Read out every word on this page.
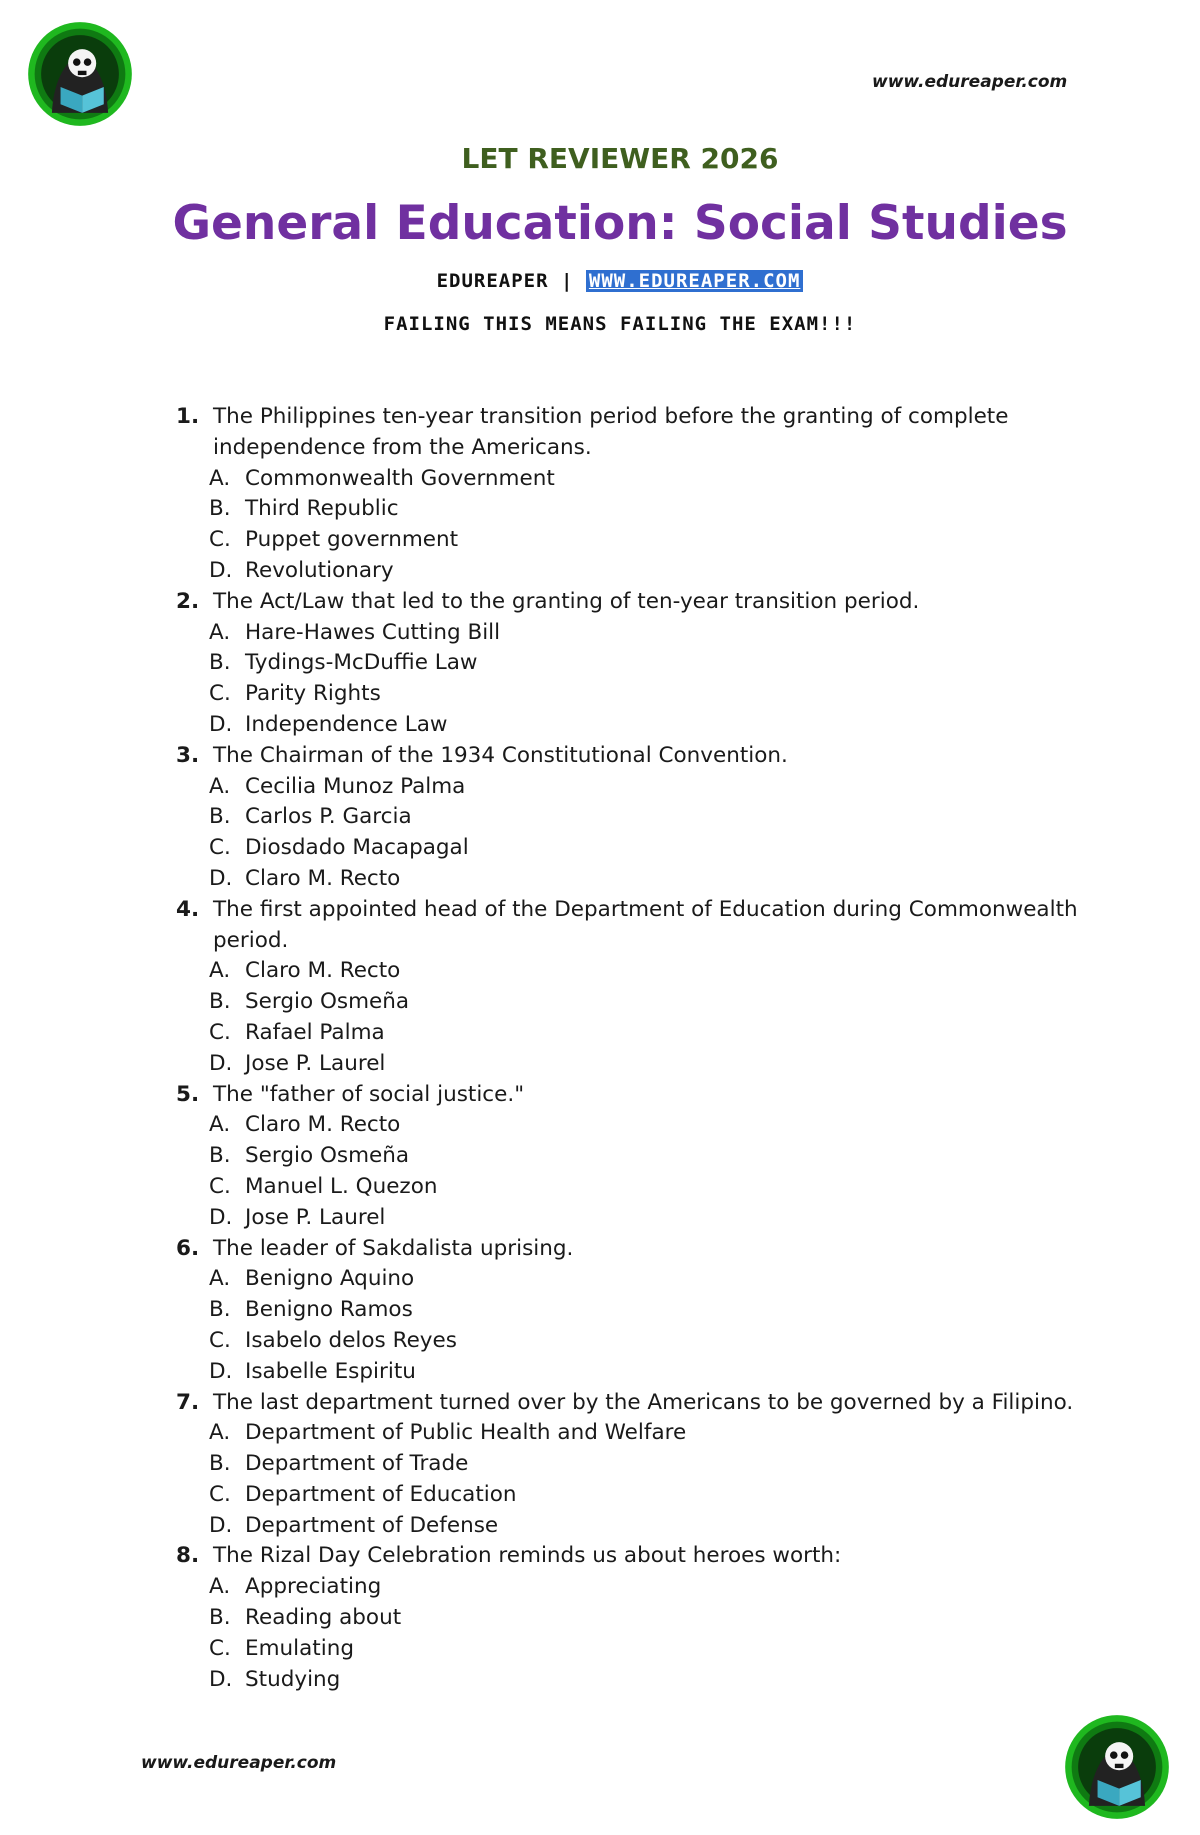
www.edureaper.com
LET REVIEWER 2026
General Education: Social Studies
EDUREAPER | WWW.EDUREAPER.COM
FAILING THIS MEANS FAILING THE EXAM!!!
1. The Philippines ten-year transition period before the granting of complete independence from the Americans.
A. Commonwealth Government
B. Third Republic
C. Puppet government
D. Revolutionary
2. The Act/Law that led to the granting of ten-year transition period.
A. Hare-Hawes Cutting Bill
B. Tydings-McDuffie Law
C. Parity Rights
D. Independence Law
3. The Chairman of the 1934 Constitutional Convention.
A. Cecilia Munoz Palma
B. Carlos P. Garcia
C. Diosdado Macapagal
D. Claro M. Recto
4. The first appointed head of the Department of Education during Commonwealth period.
A. Claro M. Recto
B. Sergio Osmeña
C. Rafael Palma
D. Jose P. Laurel
5. The "father of social justice."
A. Claro M. Recto
B. Sergio Osmeña
C. Manuel L. Quezon
D. Jose P. Laurel
6. The leader of Sakdalista uprising.
A. Benigno Aquino
B. Benigno Ramos
C. Isabelo delos Reyes
D. Isabelle Espiritu
7. The last department turned over by the Americans to be governed by a Filipino.
A. Department of Public Health and Welfare
B. Department of Trade
C. Department of Education
D. Department of Defense
8. The Rizal Day Celebration reminds us about heroes worth:
A. Appreciating
B. Reading about
C. Emulating
D. Studying
www.edureaper.com
